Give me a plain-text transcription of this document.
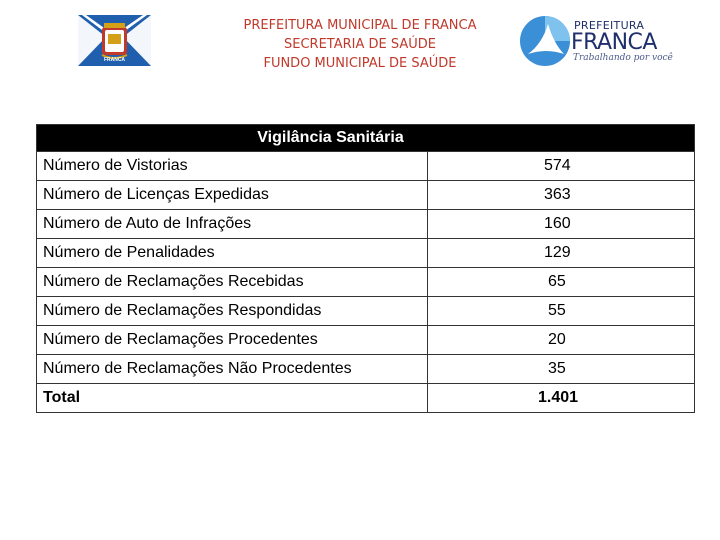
FRANCA
PREFEITURA MUNICIPAL DE FRANCA
SECRETARIA DE SAÚDE
FUNDO MUNICIPAL DE SAÚDE
PREFEITURA
FRANCA
Trabalhando por você
Vigilância Sanitária	
Número de Vistorias	574
Número de Licenças Expedidas	363
Número de Auto de Infrações	160
Número de Penalidades	129
Número de Reclamações Recebidas	65
Número de Reclamações Respondidas	55
Número de Reclamações Procedentes	20
Número de Reclamações Não Procedentes	35
Total	1.401
